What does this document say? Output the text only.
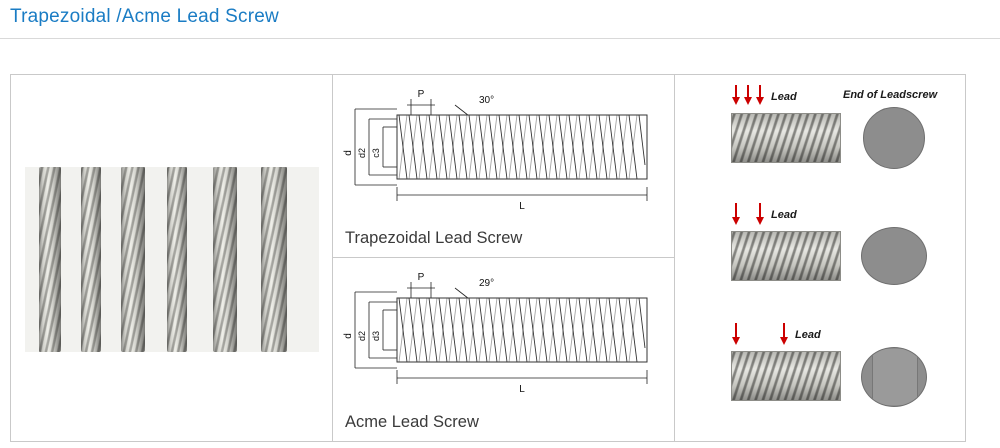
Trapezoidal /Acme Lead Screw
d d2 c3
P
30°
L
Trapezoidal Lead Screw
d d2 d3
P
29°
L
Acme Lead Screw
Lead	End of Leadscrew
Lead
Lead
